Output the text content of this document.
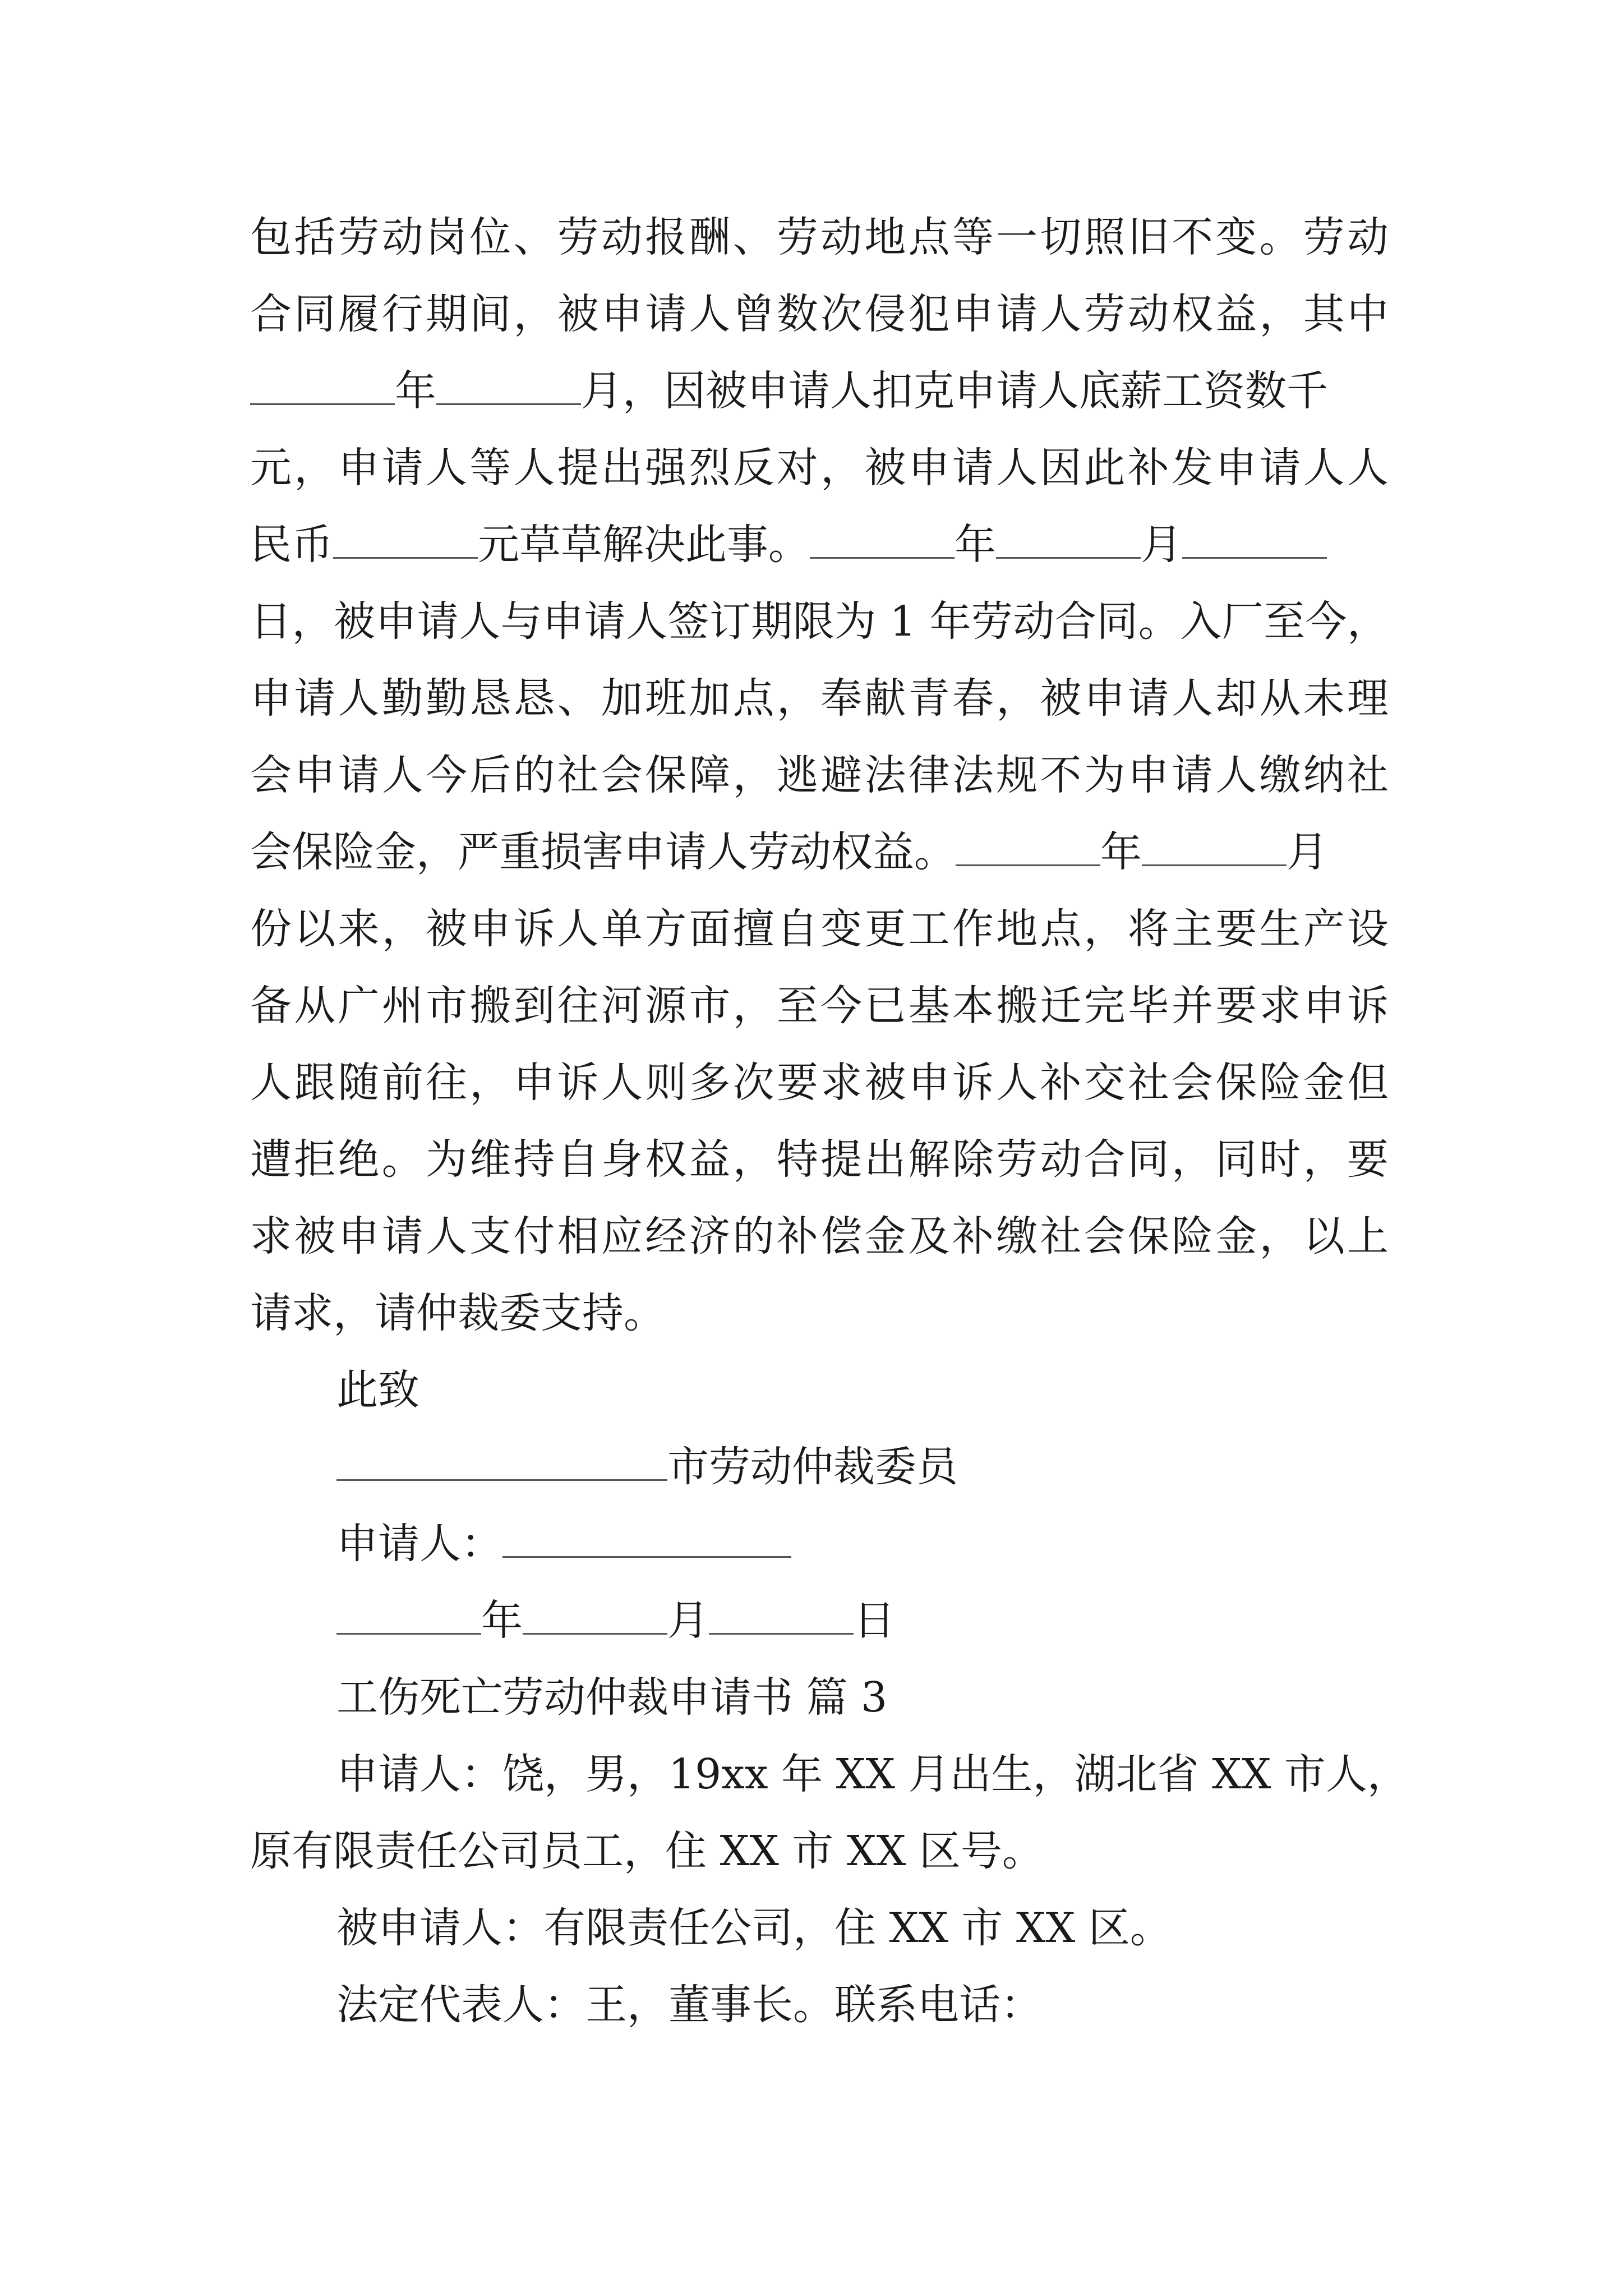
包括劳动岗位、劳动报酬、劳动地点等一切照旧不变。劳动
合同履行期间，被申请人曾数次侵犯申请人劳动权益，其中
年	月，因被申请人扣克申请人底薪工资数千
元，申请人等人提出强烈反对，被申请人因此补发申请人人
民币	元草草解决此事。	年	月
日，被申请人与申请人签订期限为 1 年劳动合同。入厂至今，
申请人勤勤恳恳、加班加点，奉献青春，被申请人却从未理
会申请人今后的社会保障，逃避法律法规不为申请人缴纳社
会保险金，严重损害申请人劳动权益。	年	月
份以来，被申诉人单方面擅自变更工作地点，将主要生产设
备从广州市搬到往河源市，至今已基本搬迁完毕并要求申诉
人跟随前往，申诉人则多次要求被申诉人补交社会保险金但
遭拒绝。为维持自身权益，特提出解除劳动合同，同时，要
求被申请人支付相应经济的补偿金及补缴社会保险金，以上
请求，请仲裁委支持。
此致
市劳动仲裁委员
申请人：
年	月	日
工伤死亡劳动仲裁申请书 篇 3
申请人：饶，男，19xx 年 XX 月出生，湖北省 XX 市人，
原有限责任公司员工，住 XX 市 XX 区号。
被申请人：有限责任公司，住 XX 市 XX 区。
法定代表人：王，董事长。联系电话：
